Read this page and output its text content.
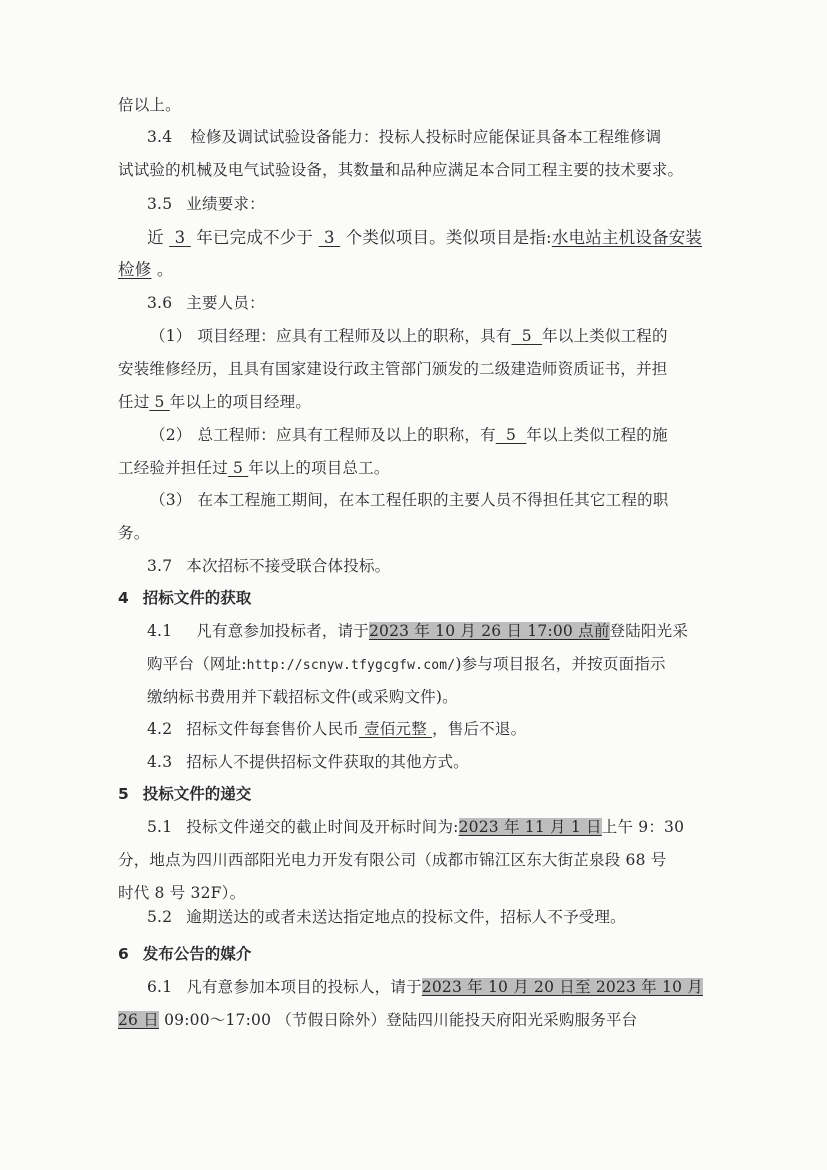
倍以上。
3.4 检修及调试试验设备能力：投标人投标时应能保证具备本工程维修调
试试验的机械及电气试验设备，其数量和品种应满足本合同工程主要的技术要求。
3.5 业绩要求：
近 3 年已完成不少于 3 个类似项目。类似项目是指:水电站主机设备安装
检修 。
3.6 主要人员：
（1） 项目经理：应具有工程师及以上的职称，具有 5 年以上类似工程的
安装维修经历，且具有国家建设行政主管部门颁发的二级建造师资质证书，并担
任过 5 年以上的项目经理。
（2） 总工程师：应具有工程师及以上的职称，有 5 年以上类似工程的施
工经验并担任过 5 年以上的项目总工。
（3） 在本工程施工期间，在本工程任职的主要人员不得担任其它工程的职
务。
3.7 本次招标不接受联合体投标。
4 招标文件的获取
4.1 凡有意参加投标者，请于2023 年 10 月 26 日 17:00 点前登陆阳光采
购平台（网址:http://scnyw.tfygcgfw.com/)参与项目报名，并按页面指示
缴纳标书费用并下载招标文件(或采购文件)。
4.2 招标文件每套售价人民币 壹佰元整 ，售后不退。
4.3 招标人不提供招标文件获取的其他方式。
5 投标文件的递交
5.1 投标文件递交的截止时间及开标时间为:2023 年 11 月 1 日上午 9：30
分，地点为四川西部阳光电力开发有限公司（成都市锦江区东大街芷泉段 68 号
时代 8 号 32F）。
5.2 逾期送达的或者未送达指定地点的投标文件，招标人不予受理。
6 发布公告的媒介
6.1 凡有意参加本项目的投标人，请于2023 年 10 月 20 日至 2023 年 10 月
26 日 09:00～17:00 （节假日除外）登陆四川能投天府阳光采购服务平台
